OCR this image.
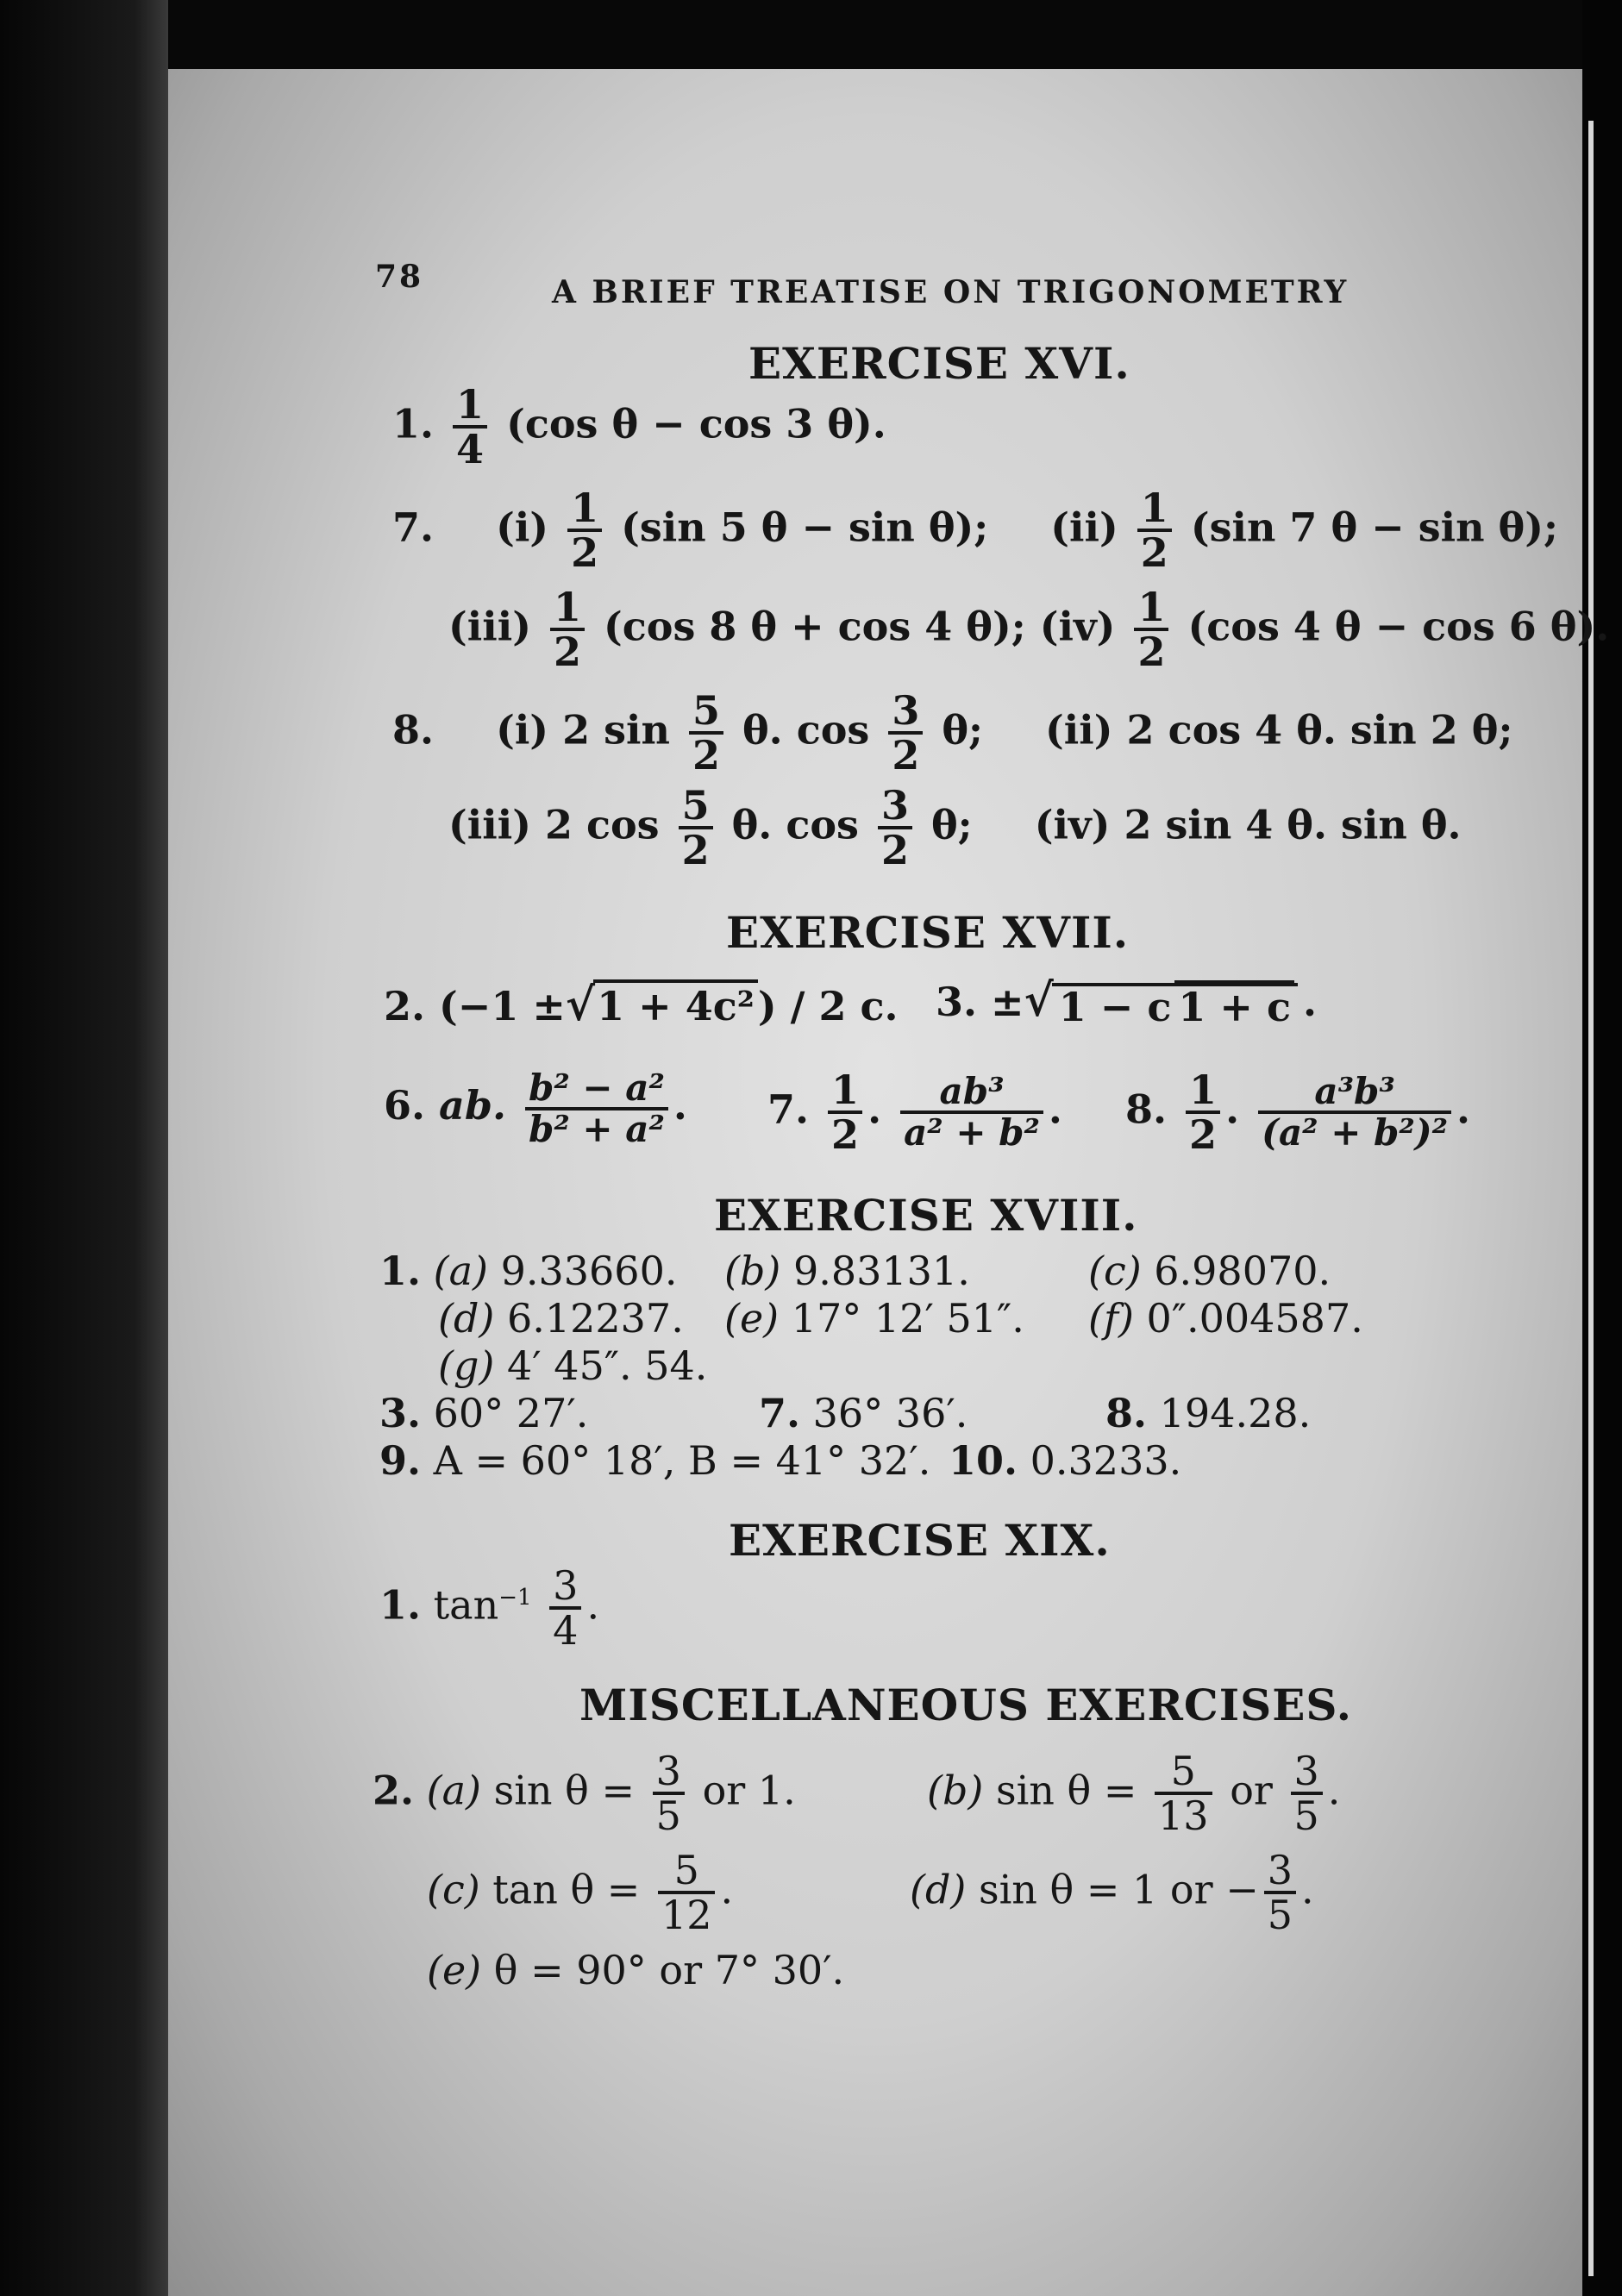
78	A BRIEF TREATISE ON TRIGONOMETRY
EXERCISE XVI.
1. $\frac{1}{4} (\cos$ θ − cos 3 θ).
7. $(i) \frac{1}{2} (\sin$ 5 θ − sin θ); $(ii) \frac{1}{2} (\sin$ 7 θ − sin θ);
$(iii) \frac{1}{2} (\cos$ 8 θ + cos 4 θ); $(iv) \frac{1}{2} (\cos$ 4 θ − cos 6 θ).
8. (i) 2 $\sin \frac{5}{2} \theta$. $\cos \frac{3}{2} \theta$; (ii) 2 cos 4 θ. sin 2 θ;
(iii) 2 $\cos \frac{5}{2} \theta$. $\cos \frac{3}{2} \theta$; (iv) 2 sin 4 θ. sin θ.
EXERCISE XVII.
2. (−1 ±√1 + 4c²) / 2 c. 3. ±√ 1 − c 1 + c .
6. ab. $\frac{\text{b² − a²}}{\text{b² + a²}}$ . 7. $\frac{1}{2}$ . $\frac{\text{ab³}}{\text{a² + b²}}$ . 8. $\frac{1}{2}$ . $\frac{\text{a³b³}}{\text{(a² + b²)²}}$ .
EXERCISE XVIII.
1. (a) 9.33660. (b) 9.83131.	(c) 6.98070.
(d) 6.12237. (e) 17° 12′ 51″. (f) 0″.004587.
(g) 4′ 45″. 54.
3. 60° 27′.	7. 36° 36′.	8. 194.28.
9. A = 60° 18′, B = 41° 32′. 10. 0.3233.
EXERCISE XIX.
1. $\tan^{-1} \frac{3}{4}$ .
MISCELLANEOUS EXERCISES.
2. (a) $\sin \theta = \frac{3}{5}$ or 1.	(b) $\sin \theta = \frac{5}{13}$ or $\frac{3}{5}$ .
(c) $\tan \theta = \frac{5}{12}$ .	(d) sin θ = 1 or − $\frac{3}{5}$ .
(e) θ = 90° or 7° 30′.
